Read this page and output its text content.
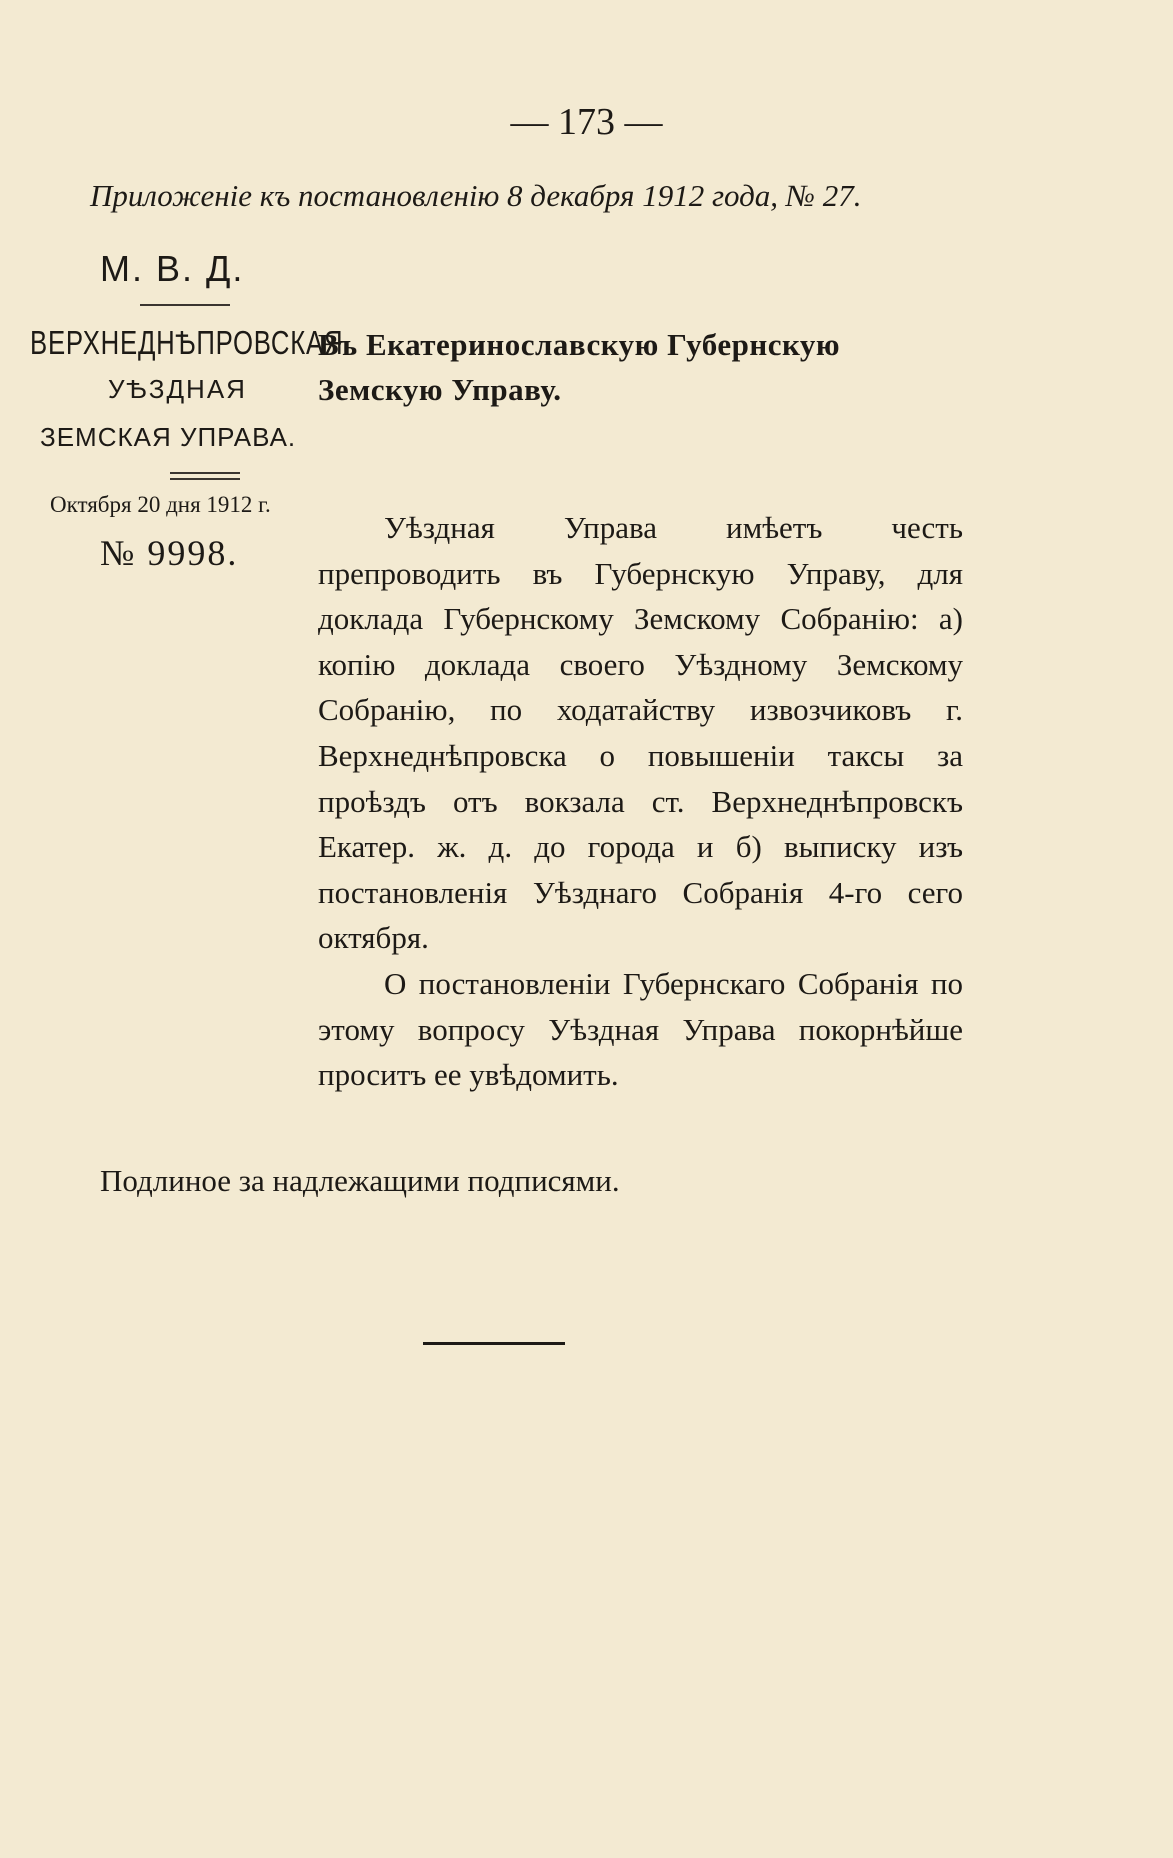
— 173 —
Приложенiе къ постановленiю 8 декабря 1912 года, № 27.
М. В. Д.
ВЕРХНЕДНѢПРОВСКАЯ
УѢЗДНАЯ
ЗЕМСКАЯ УПРАВА.
Октября 20 дня 1912 г.
№ 9998.
Въ Екатеринославскую Губернскую
Земскую Управу.

Уѣздная Управа имѣетъ честь препроводить въ Губернскую Управу, для доклада Губернскому Земскому Собранiю: а) копiю доклада своего Уѣздному Земскому Собранiю, по ходатайству извозчиковъ г. Верхнеднѣпровска о повышенiи таксы за проѣздъ отъ вокзала ст. Верхнеднѣпровскъ Екатер. ж. д. до города и б) выписку изъ постановленiя Уѣзднаго Собранiя 4-го сего октября.

О постановленiи Губернскаго Собранiя по этому вопросу Уѣздная Управа покорнѣйше проситъ ее увѣдомить.

Подлиное за надлежащими подписями.
